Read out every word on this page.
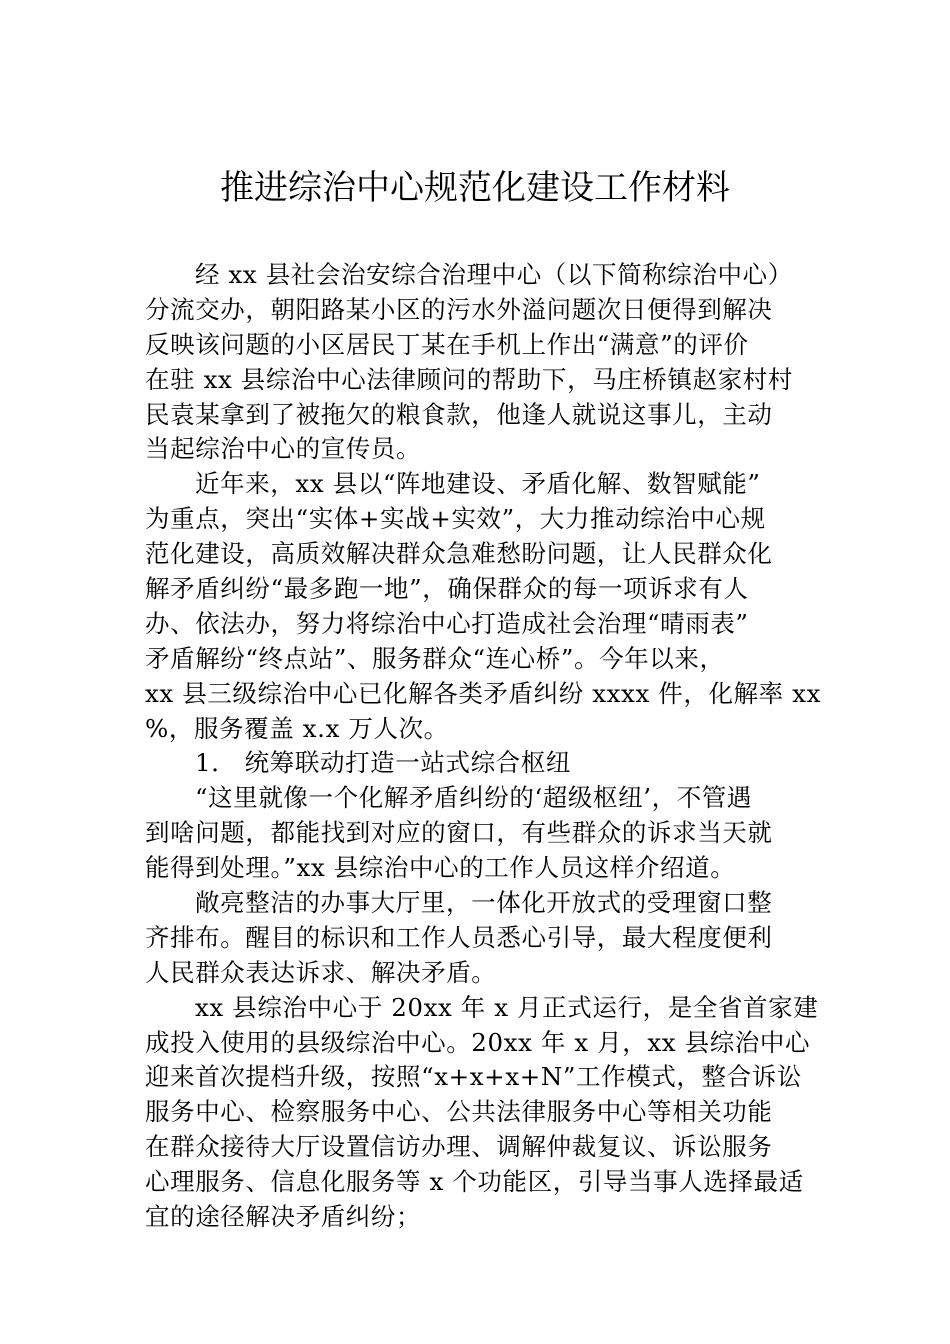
推进综治中心规范化建设工作材料
经 xx 县社会治安综合治理中心（以下简称综治中心）
分流交办，朝阳路某小区的污水外溢问题次日便得到解决
反映该问题的小区居民丁某在手机上作出“满意”的评价
在驻 xx 县综治中心法律顾问的帮助下，马庄桥镇赵家村村
民袁某拿到了被拖欠的粮食款，他逢人就说这事儿，主动
当起综治中心的宣传员。
近年来，xx 县以“阵地建设、矛盾化解、数智赋能”
为重点，突出“实体+实战+实效”，大力推动综治中心规
范化建设，高质效解决群众急难愁盼问题，让人民群众化
解矛盾纠纷“最多跑一地”，确保群众的每一项诉求有人
办、依法办，努力将综治中心打造成社会治理“晴雨表”
矛盾解纷“终点站”、服务群众“连心桥”。今年以来，
xx 县三级综治中心已化解各类矛盾纠纷 xxxx 件，化解率 xx
%，服务覆盖 x.x 万人次。
1． 统筹联动打造一站式综合枢纽
“这里就像一个化解矛盾纠纷的‘超级枢纽’，不管遇
到啥问题，都能找到对应的窗口，有些群众的诉求当天就
能得到处理。”xx 县综治中心的工作人员这样介绍道。
敞亮整洁的办事大厅里，一体化开放式的受理窗口整
齐排布。醒目的标识和工作人员悉心引导，最大程度便利
人民群众表达诉求、解决矛盾。
xx 县综治中心于 20xx 年 x 月正式运行，是全省首家建
成投入使用的县级综治中心。20xx 年 x 月，xx 县综治中心
迎来首次提档升级，按照“x+x+x+N”工作模式，整合诉讼
服务中心、检察服务中心、公共法律服务中心等相关功能
在群众接待大厅设置信访办理、调解仲裁复议、诉讼服务
心理服务、信息化服务等 x 个功能区，引导当事人选择最适
宜的途径解决矛盾纠纷；
